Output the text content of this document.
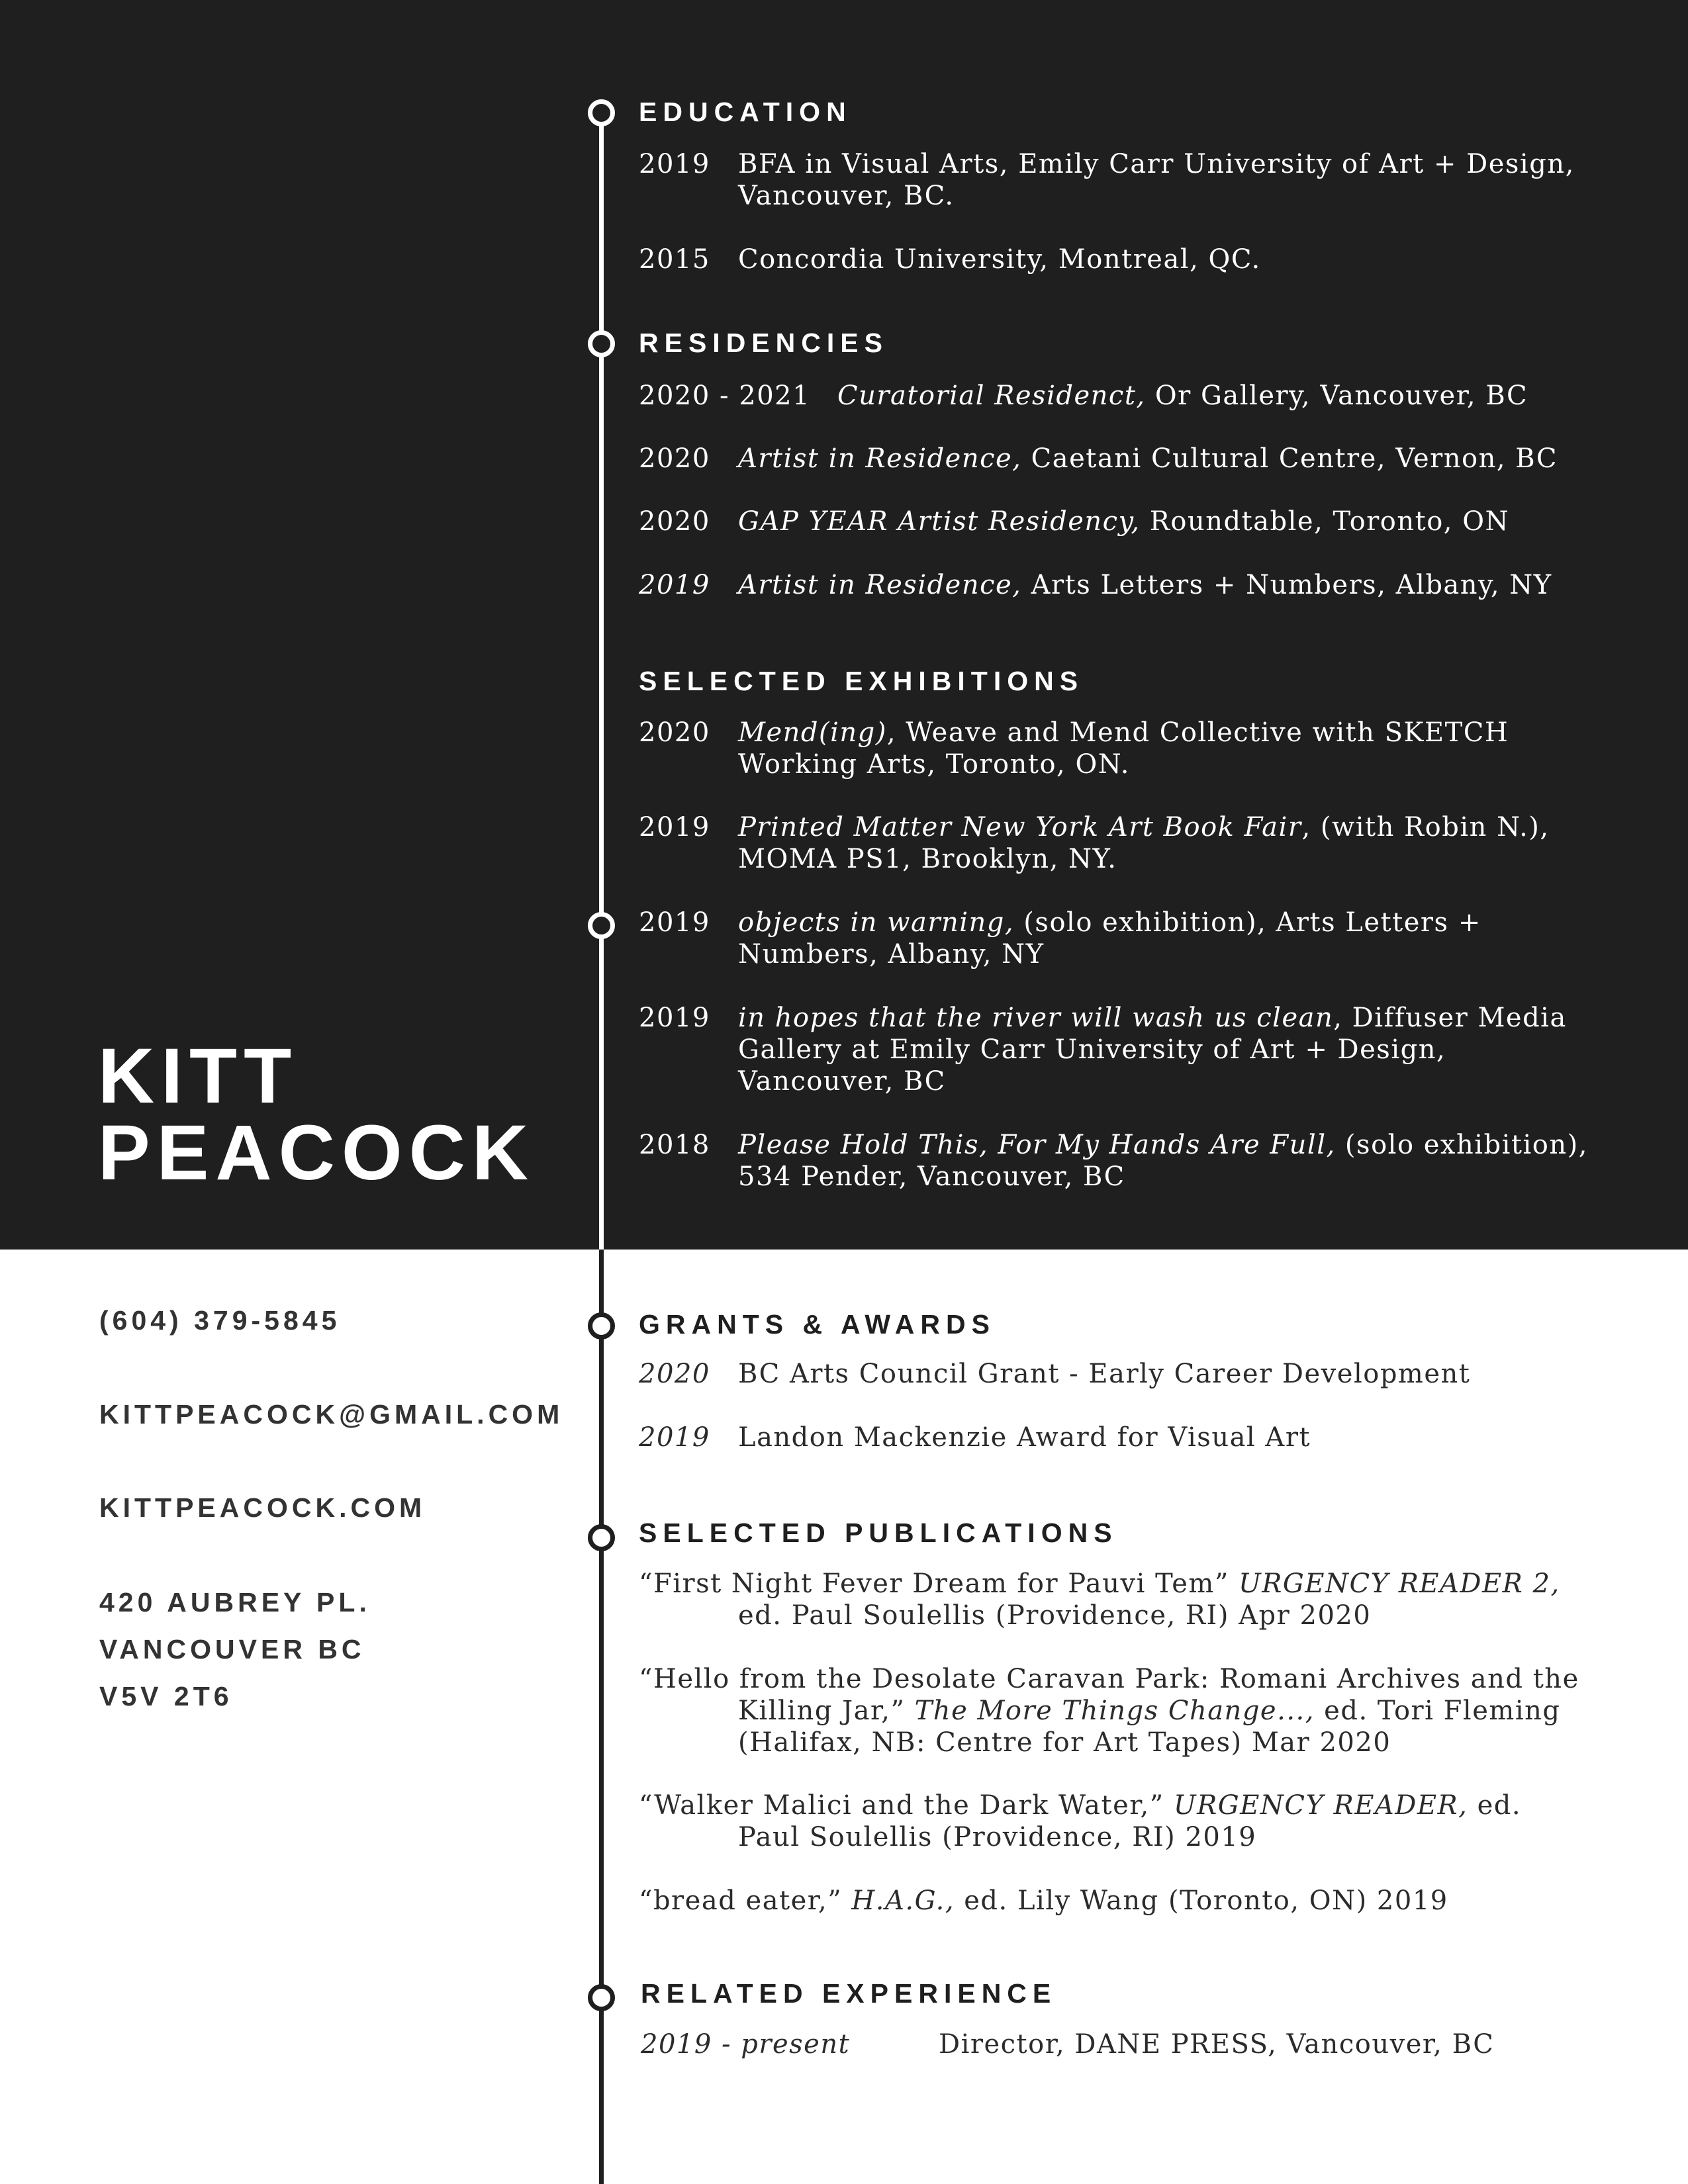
KITT
PEACOCK

(604) 379-5845

KITTPEACOCK@GMAIL.COM

KITTPEACOCK.COM

420 AUBREY PL.

VANCOUVER BC

V5V 2T6

EDUCATION
2019 BFA in Visual Arts, Emily Carr University of Art + Design,
Vancouver, BC.
2015 Concordia University, Montreal, QC.
RESIDENCIES
2020 - 2021 Curatorial Residenct, Or Gallery, Vancouver, BC
2020 Artist in Residence, Caetani Cultural Centre, Vernon, BC
2020 GAP YEAR Artist Residency, Roundtable, Toronto, ON
2019 Artist in Residence, Arts Letters + Numbers, Albany, NY
SELECTED EXHIBITIONS
2020 Mend(ing), Weave and Mend Collective with SKETCH
Working Arts, Toronto, ON.
2019 Printed Matter New York Art Book Fair, (with Robin N.),
MOMA PS1, Brooklyn, NY.
2019 objects in warning, (solo exhibition), Arts Letters +
Numbers, Albany, NY
2019 in hopes that the river will wash us clean, Diffuser Media
Gallery at Emily Carr University of Art + Design,
Vancouver, BC
2018 Please Hold This, For My Hands Are Full, (solo exhibition),
534 Pender, Vancouver, BC
GRANTS & AWARDS
2020 BC Arts Council Grant - Early Career Development
2019 Landon Mackenzie Award for Visual Art
SELECTED PUBLICATIONS
“First Night Fever Dream for Pauvi Tem” URGENCY READER 2,
ed. Paul Soulellis (Providence, RI) Apr 2020
“Hello from the Desolate Caravan Park: Romani Archives and the
Killing Jar,” The More Things Change..., ed. Tori Fleming
(Halifax, NB: Centre for Art Tapes) Mar 2020
“Walker Malici and the Dark Water,” URGENCY READER, ed.
Paul Soulellis (Providence, RI) 2019
“bread eater,” H.A.G., ed. Lily Wang (Toronto, ON) 2019
RELATED EXPERIENCE
2019 - present	Director, DANE PRESS, Vancouver, BC
